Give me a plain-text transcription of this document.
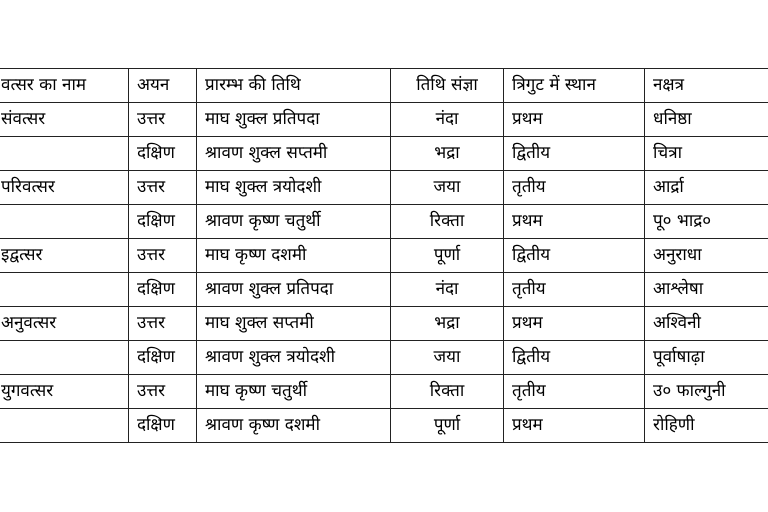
वत्सर का नाम	अयन	प्रारम्भ की तिथि	तिथि संज्ञा	त्रिगुट में स्थान	नक्षत्र
संवत्सर	उत्तर	माघ शुक्ल प्रतिपदा	नंदा	प्रथम	धनिष्ठा
	दक्षिण	श्रावण शुक्ल सप्तमी	भद्रा	द्वितीय	चित्रा
परिवत्सर	उत्तर	माघ शुक्ल त्रयोदशी	जया	तृतीय	आर्द्रा
	दक्षिण	श्रावण कृष्ण चतुर्थी	रिक्ता	प्रथम	पू० भाद्र०
इद्वत्सर	उत्तर	माघ कृष्ण दशमी	पूर्णा	द्वितीय	अनुराधा
	दक्षिण	श्रावण शुक्ल प्रतिपदा	नंदा	तृतीय	आश्लेषा
अनुवत्सर	उत्तर	माघ शुक्ल सप्तमी	भद्रा	प्रथम	अश्विनी
	दक्षिण	श्रावण शुक्ल त्रयोदशी	जया	द्वितीय	पूर्वाषाढ़ा
युगवत्सर	उत्तर	माघ कृष्ण चतुर्थी	रिक्ता	तृतीय	उ० फाल्गुनी
	दक्षिण	श्रावण कृष्ण दशमी	पूर्णा	प्रथम	रोहिणी
